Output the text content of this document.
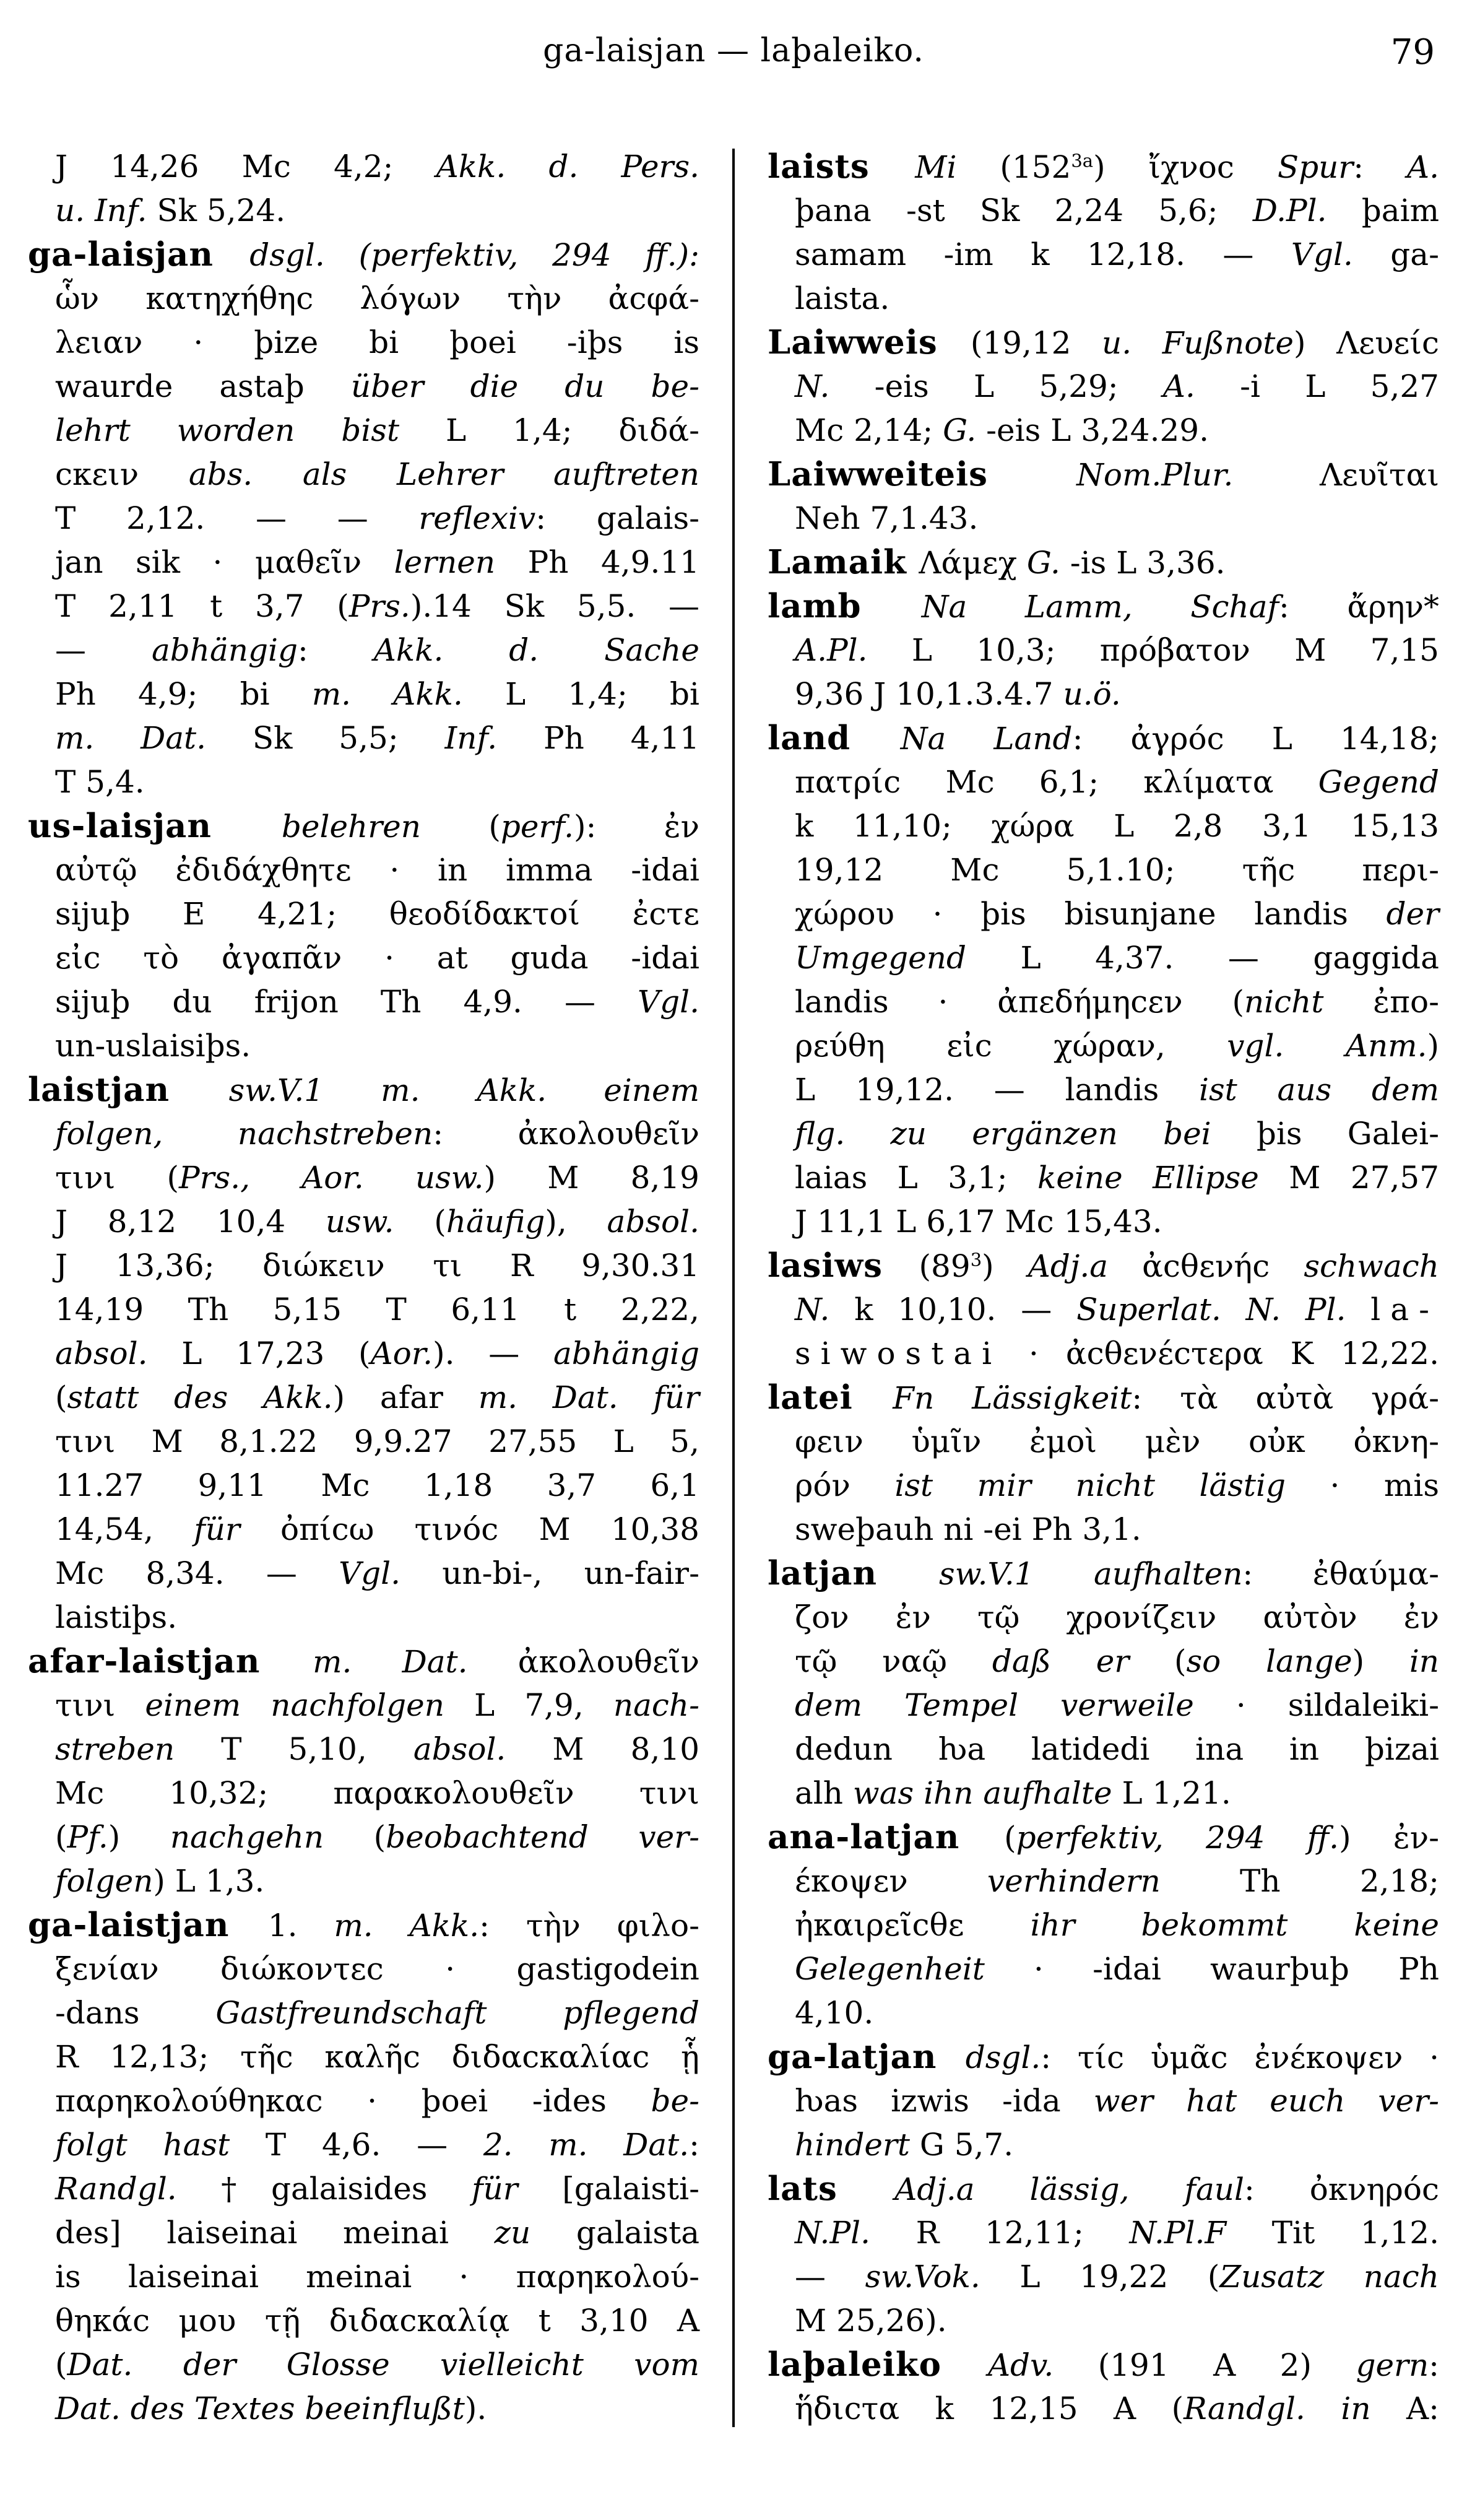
ga-laisjan — laþaleiko.	79
J 14,26 Mc 4,2; Akk. d. Pers.
u. Inf. Sk 5,24.
ga-laisjan dsgl. (perfektiv, 294 ff.):
ὧν κατηχήθηϲ λόγων τὴν ἀϲφά-
λειαν · þize bi þoei -iþs is
waurde astaþ über die du be-
lehrt worden bist L 1,4; διδά-
ϲκειν abs. als Lehrer auftreten
T 2,12. — — reflexiv: galais-
jan sik · μαθεῖν lernen Ph 4,9.11
T 2,11 t 3,7 (Prs.).14 Sk 5,5. —
— abhängig: Akk. d. Sache
Ph 4,9; bi m. Akk. L 1,4; bi
m. Dat. Sk 5,5; Inf. Ph 4,11
T 5,4.
us-laisjan belehren (perf.): ἐν
αὐτῷ ἐδιδάχθητε · in imma -idai
sijuþ E 4,21; θεοδίδακτοί ἐϲτε
εἰϲ τὸ ἀγαπᾶν · at guda -idai
sijuþ du frijon Th 4,9. — Vgl.
un-uslaisiþs.
laistjan sw.V.1 m. Akk. einem
folgen, nachstreben: ἀκολουθεῖν
τινι (Prs., Aor. usw.) M 8,19
J 8,12 10,4 usw. (häufig), absol.
J 13,36; διώκειν τι R 9,30.31
14,19 Th 5,15 T 6,11 t 2,22,
absol. L 17,23 (Aor.). — abhängig
(statt des Akk.) afar m. Dat. für
τινι M 8,1.22 9,9.27 27,55 L 5,
11.27 9,11 Mc 1,18 3,7 6,1
14,54, für ὀπίϲω τινόϲ M 10,38
Mc 8,34. — Vgl. un-bi-, un-fair-
laistiþs.
afar-laistjan m. Dat. ἀκολουθεῖν
τινι einem nachfolgen L 7,9, nach-
streben T 5,10, absol. M 8,10
Mc 10,32; παρακολουθεῖν τινι
(Pf.) nachgehn (beobachtend ver-
folgen) L 1,3.
ga-laistjan 1. m. Akk.: τὴν φιλο-
ξενίαν διώκοντεϲ · gastigodein
-dans Gastfreundschaft pflegend
R 12,13; τῆϲ καλῆϲ διδαϲκαλίαϲ ᾗ
παρηκολούθηκαϲ · þoei -ides be-
folgt hast T 4,6. — 2. m. Dat.:
Randgl. †galaisides für [galaisti-
des] laiseinai meinai zu galaista
is laiseinai meinai · παρηκολού-
θηκάϲ μου τῇ διδαϲκαλίᾳ t 3,10 A
(Dat. der Glosse vielleicht vom
Dat. des Textes beeinflußt).
laists Mi $(152^{3a})$ ἴχνοϲ Spur: A.
þana -st Sk 2,24 5,6; D.Pl. þaim
samam -im k 12,18. — Vgl. ga-
laista.
Laiwweis (19,12 u. Fußnote) Λευείϲ
N. -eis L 5,29; A. -i L 5,27
Mc 2,14; G. -eis L 3,24.29.
Laiwweiteis Nom.Plur. Λευῖται
Neh 7,1.43.
Lamaik Λάμεχ G. -is L 3,36.
lamb Na Lamm, Schaf: ἄρην*
A.Pl. L 10,3; πρόβατον M 7,15
9,36 J 10,1.3.4.7 u.ö.
land Na Land: ἀγρόϲ L 14,18;
πατρίϲ Mc 6,1; κλίματα Gegend
k 11,10; χώρα L 2,8 3,1 15,13
19,12 Mc 5,1.10; τῆϲ περι-
χώρου · þis bisunjane landis der
Umgegend L 4,37. — gaggida
landis · ἀπεδήμηϲεν (nicht ἐπο-
ρεύθη εἰϲ χώραν, vgl. Anm.)
L 19,12. — landis ist aus dem
flg. zu ergänzen bei þis Galei-
laias L 3,1; keine Ellipse M 27,57
J 11,1 L 6,17 Mc 15,43.
lasiws $(89^3)$ Adj.a ἀϲθενήϲ schwach
N. k 10,10. — Superlat. N. Pl. la-
siwostai · ἀϲθενέϲτερα K 12,22.
latei Fn Lässigkeit: τὰ αὐτὰ γρά-
φειν ὑμῖν ἐμοὶ μὲν οὐκ ὀκνη-
ρόν ist mir nicht lästig · mis
sweþauh ni -ei Ph 3,1.
latjan sw.V.1 aufhalten: ἐθαύμα-
ζον ἐν τῷ χρονίζειν αὐτὸν ἐν
τῷ ναῷ daß er (so lange) in
dem Tempel verweile · sildaleiki-
dedun ƕa latidedi ina in þizai
alh was ihn aufhalte L 1,21.
ana-latjan (perfektiv, 294 ff.) ἐν-
έκοψεν verhindern Th 2,18;
ἠκαιρεῖϲθε ihr bekommt keine
Gelegenheit · -idai waurþuþ Ph
4,10.
ga-latjan dsgl.: τίϲ ὑμᾶϲ ἐνέκοψεν ·
ƕas izwis -ida wer hat euch ver-
hindert G 5,7.
lats Adj.a lässig, faul: ὀκνηρόϲ
N.Pl. R 12,11; N.Pl.F Tit 1,12.
— sw.Vok. L 19,22 (Zusatz nach
M 25,26).
laþaleiko Adv. (191 A 2) gern:
ἥδιϲτα k 12,15 A (Randgl. in A:
